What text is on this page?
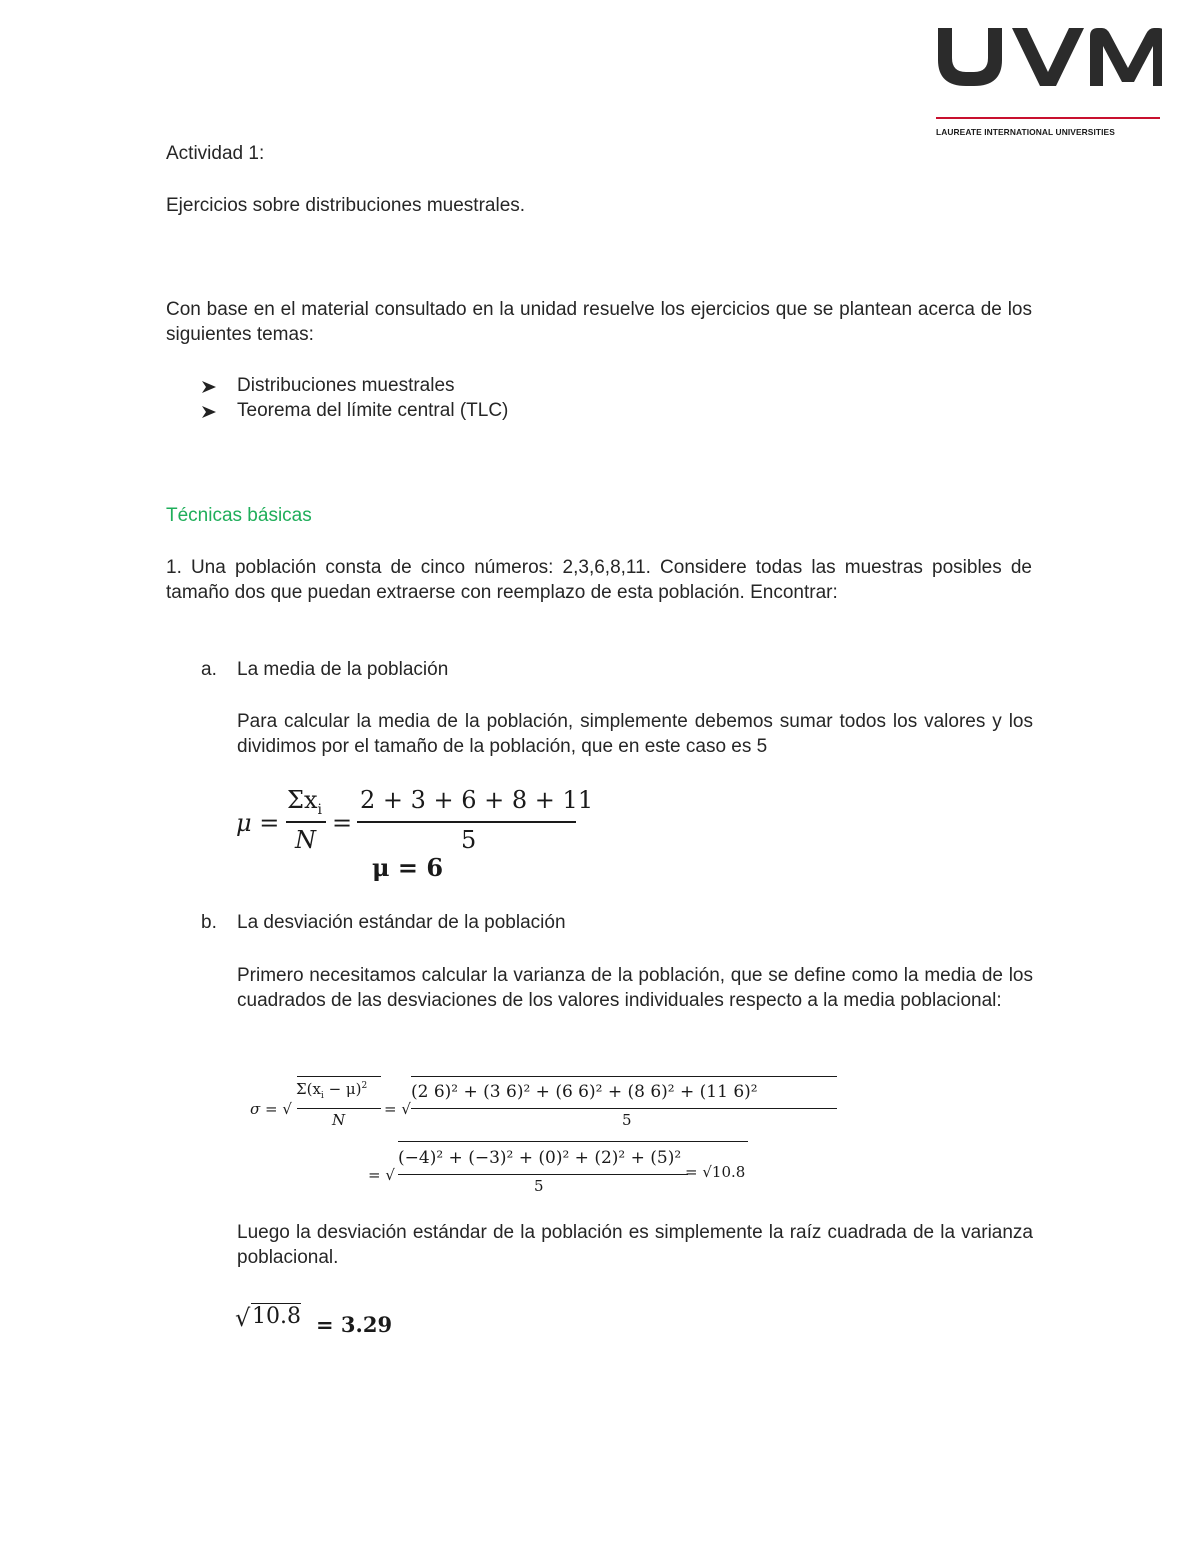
LAUREATE INTERNATIONAL UNIVERSITIES
Actividad 1:
Ejercicios sobre distribuciones muestrales.
Con base en el material consultado en la unidad resuelve los ejercicios que se plantean acerca de los siguientes temas:
Distribuciones muestrales
Teorema del límite central (TLC)
Técnicas básicas
1. Una población consta de cinco números: 2,3,6,8,11. Considere todas las muestras posibles de tamaño dos que puedan extraerse con reemplazo de esta población. Encontrar:
a. La media de la población
Para calcular la media de la población, simplemente debemos sumar todos los valores y los dividimos por el tamaño de la población, que en este caso es 5
μ =
$\Sigma x_i$
N
=
2 + 3 + 6 + 8 + 11
5
μ = 6
b. La desviación estándar de la población
Primero necesitamos calcular la varianza de la población, que se define como la media de los cuadrados de las desviaciones de los valores individuales respecto a la media poblacional:
σ = √
$\Sigma(x_i - \mu)^2$
N
= √
(2 6)² + (3 6)² + (6 6)² + (8 6)² + (11 6)²
5
= √
(−4)² + (−3)² + (0)² + (2)² + (5)²
5
= √10.8
Luego la desviación estándar de la población es simplemente la raíz cuadrada de la varianza poblacional.
√ 10.8 = 3.29
